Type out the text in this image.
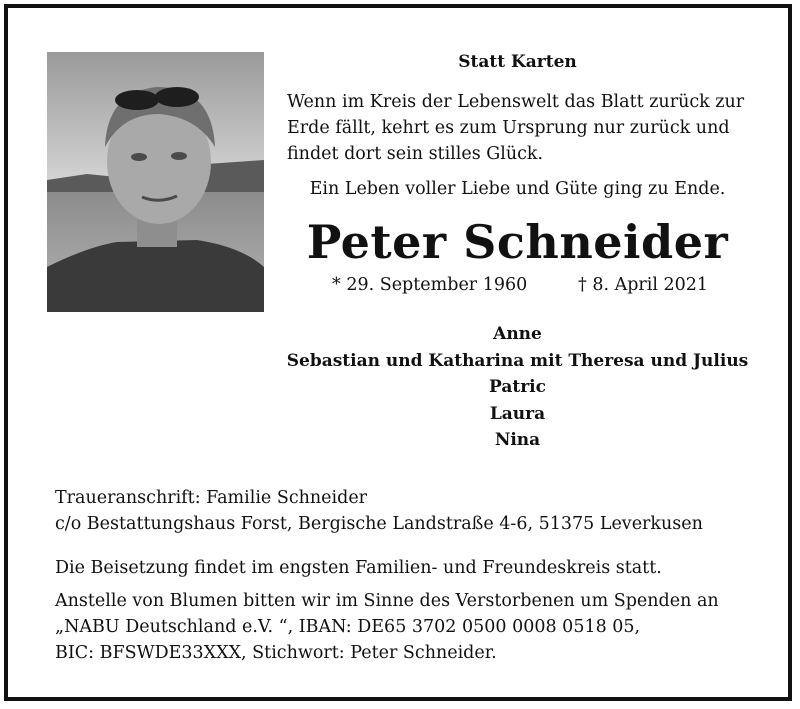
Statt Karten
Wenn im Kreis der Lebenswelt das Blatt zurück zur
Erde fällt, kehrt es zum Ursprung nur zurück und
findet dort sein stilles Glück.
Ein Leben voller Liebe und Güte ging zu Ende.
Peter Schneider
* 29. September 1960	† 8. April 2021
Anne
Sebastian und Katharina mit Theresa und Julius
Patric
Laura
Nina
Traueranschrift: Familie Schneider
c/o Bestattungshaus Forst, Bergische Landstraße 4-6, 51375 Leverkusen
Die Beisetzung findet im engsten Familien- und Freundeskreis statt.
Anstelle von Blumen bitten wir im Sinne des Verstorbenen um Spenden an
„NABU Deutschland e.V. “, IBAN: DE65 3702 0500 0008 0518 05,
BIC: BFSWDE33XXX, Stichwort: Peter Schneider.
